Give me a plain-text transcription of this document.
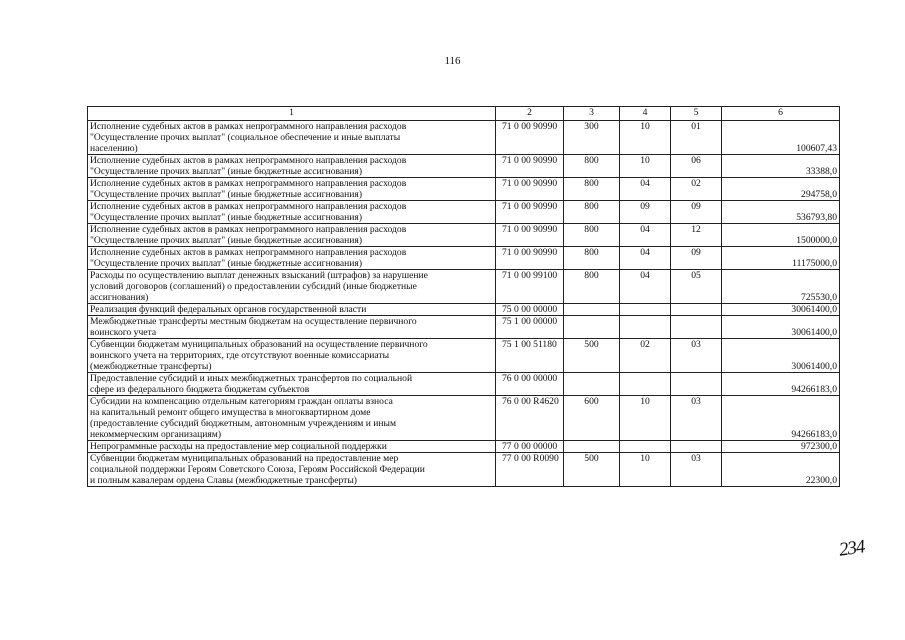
116
1	2	3	4	5	6
Исполнение судебных актов в рамках непрограммного направления расходов
"Осуществление прочих выплат" (социальное обеспечение и иные выплаты
населению)	71 0 00 90990	300	10	01	100607,43
Исполнение судебных актов в рамках непрограммного направления расходов
"Осуществление прочих выплат" (иные бюджетные ассигнования)	71 0 00 90990	800	10	06	33388,0
Исполнение судебных актов в рамках непрограммного направления расходов
"Осуществление прочих выплат" (иные бюджетные ассигнования)	71 0 00 90990	800	04	02	294758,0
Исполнение судебных актов в рамках непрограммного направления расходов
"Осуществление прочих выплат" (иные бюджетные ассигнования)	71 0 00 90990	800	09	09	536793,80
Исполнение судебных актов в рамках непрограммного направления расходов
"Осуществление прочих выплат" (иные бюджетные ассигнования)	71 0 00 90990	800	04	12	1500000,0
Исполнение судебных актов в рамках непрограммного направления расходов
"Осуществление прочих выплат" (иные бюджетные ассигнования)	71 0 00 90990	800	04	09	11175000,0
Расходы по осуществлению выплат денежных взысканий (штрафов) за нарушение
условий договоров (соглашений) о предоставлении субсидий (иные бюджетные
ассигнования)	71 0 00 99100	800	04	05	725530,0
Реализация функций федеральных органов государственной власти	75 0 00 00000				30061400,0
Межбюджетные трансферты местным бюджетам на осуществление первичного
воинского учета	75 1 00 00000				30061400,0
Субвенции бюджетам муниципальных образований на осуществление первичного
воинского учета на территориях, где отсутствуют военные комиссариаты
(межбюджетные трансферты)	75 1 00 51180	500	02	03	30061400,0
Предоставление субсидий и иных межбюджетных трансфертов по социальной
сфере из федерального бюджета бюджетам субъектов	76 0 00 00000				94266183,0
Субсидии на компенсацию отдельным категориям граждан оплаты взноса
на капитальный ремонт общего имущества в многоквартирном доме
(предоставление субсидий бюджетным, автономным учреждениям и иным
некоммерческим организациям)	76 0 00 R4620	600	10	03	94266183,0
Непрограммные расходы на предоставление мер социальной поддержки	77 0 00 00000				972300,0
Субвенции бюджетам муниципальных образований на предоставление мер
социальной поддержки Героям Советского Союза, Героям Российской Федерации
и полным кавалерам ордена Славы (межбюджетные трансферты)	77 0 00 R0090	500	10	03	22300,0
234
